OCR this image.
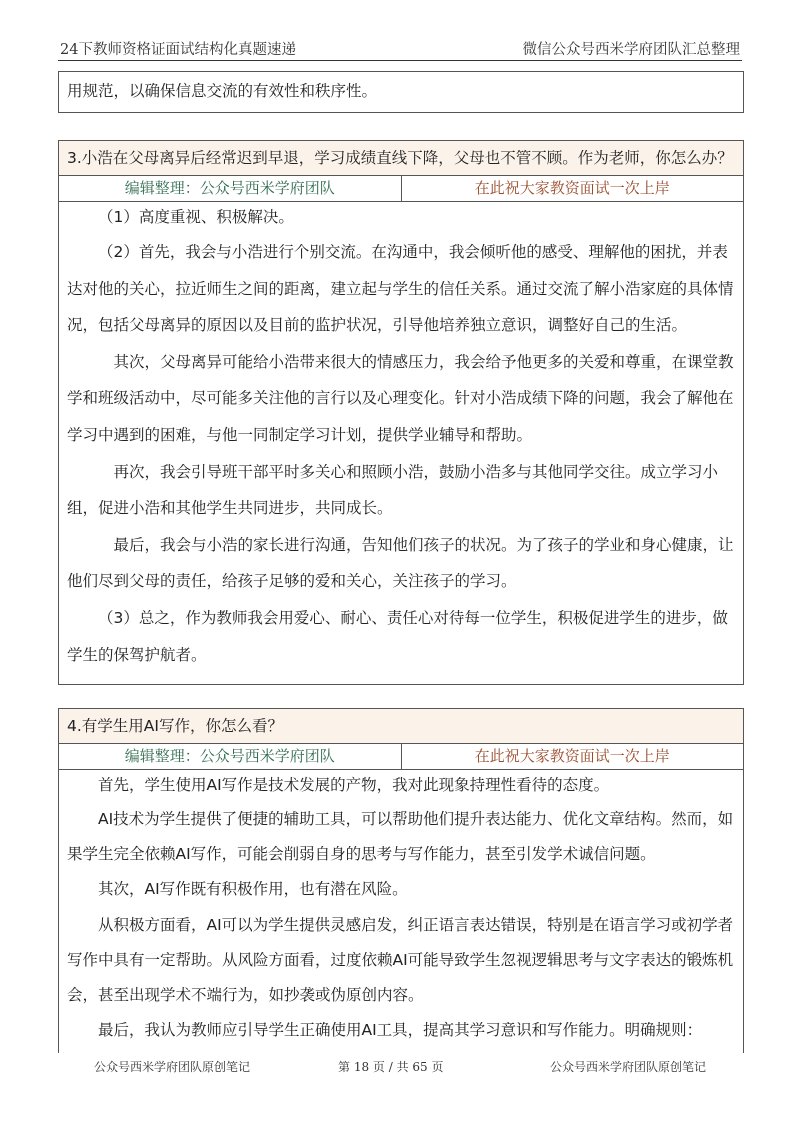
24下教师资格证面试结构化真题速递	微信公众号西米学府团队汇总整理

用规范，以确保信息交流的有效性和秩序性。

3.小浩在父母离异后经常迟到早退，学习成绩直线下降，父母也不管不顾。作为老师，你怎么办？
编辑整理：公众号西米学府团队	在此祝大家教资面试一次上岸

（1）高度重视、积极解决。

（2）首先，我会与小浩进行个别交流。在沟通中，我会倾听他的感受、理解他的困扰，并表达对他的关心，拉近师生之间的距离，建立起与学生的信任关系。通过交流了解小浩家庭的具体情况，包括父母离异的原因以及目前的监护状况，引导他培养独立意识，调整好自己的生活。

其次，父母离异可能给小浩带来很大的情感压力，我会给予他更多的关爱和尊重，在课堂教学和班级活动中，尽可能多关注他的言行以及心理变化。针对小浩成绩下降的问题，我会了解他在学习中遇到的困难，与他一同制定学习计划，提供学业辅导和帮助。

再次，我会引导班干部平时多关心和照顾小浩，鼓励小浩多与其他同学交往。成立学习小组，促进小浩和其他学生共同进步，共同成长。

最后，我会与小浩的家长进行沟通，告知他们孩子的状况。为了孩子的学业和身心健康，让他们尽到父母的责任，给孩子足够的爱和关心，关注孩子的学习。

（3）总之，作为教师我会用爱心、耐心、责任心对待每一位学生，积极促进学生的进步，做学生的保驾护航者。

4.有学生用AI写作，你怎么看？
编辑整理：公众号西米学府团队	在此祝大家教资面试一次上岸

首先，学生使用AI写作是技术发展的产物，我对此现象持理性看待的态度。

AI技术为学生提供了便捷的辅助工具，可以帮助他们提升表达能力、优化文章结构。然而，如果学生完全依赖AI写作，可能会削弱自身的思考与写作能力，甚至引发学术诚信问题。

其次，AI写作既有积极作用，也有潜在风险。

从积极方面看，AI可以为学生提供灵感启发，纠正语言表达错误，特别是在语言学习或初学者写作中具有一定帮助。从风险方面看，过度依赖AI可能导致学生忽视逻辑思考与文字表达的锻炼机会，甚至出现学术不端行为，如抄袭或伪原创内容。

最后，我认为教师应引导学生正确使用AI工具，提高其学习意识和写作能力。明确规则：

公众号西米学府团队原创笔记	第 18 页 / 共 65 页	公众号西米学府团队原创笔记
